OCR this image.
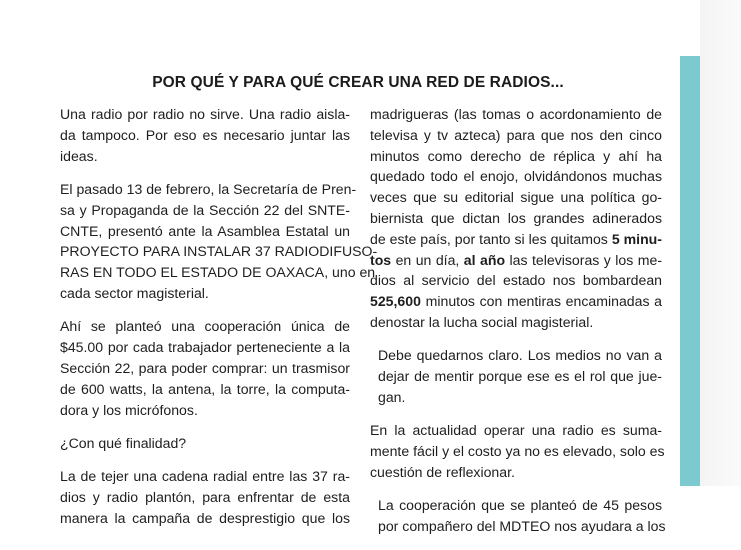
POR QUÉ Y PARA QUÉ CREAR UNA RED DE RADIOS...

Una radio por radio no sirve. Una radio aisla-
da tampoco. Por eso es necesario juntar las
ideas.

El pasado 13 de febrero, la Secretaría de Pren-
sa y Propaganda de la Sección 22 del SNTE-
CNTE, presentó ante la Asamblea Estatal un
PROYECTO PARA INSTALAR 37 RADIODIFUSO-
RAS EN TODO EL ESTADO DE OAXACA, uno en
cada sector magisterial.

Ahí se planteó una cooperación única de
$45.00 por cada trabajador perteneciente a la
Sección 22, para poder comprar: un trasmisor
de 600 watts, la antena, la torre, la computa-
dora y los micrófonos.

¿Con qué finalidad?

La de tejer una cadena radial entre las 37 ra-
dios y radio plantón, para enfrentar de esta
manera la campaña de desprestigio que los

madrigueras (las tomas o acordonamiento de
televisa y tv azteca) para que nos den cinco
minutos como derecho de réplica y ahí ha
quedado todo el enojo, olvidándonos muchas
veces que su editorial sigue una política go-
biernista que dictan los grandes adinerados
de este país, por tanto si les quitamos 5 minu-
tos en un día, al año las televisoras y los me-
dios al servicio del estado nos bombardean
525,600 minutos con mentiras encaminadas a
denostar la lucha social magisterial.

Debe quedarnos claro. Los medios no van a
dejar de mentir porque ese es el rol que jue-
gan.

En la actualidad operar una radio es suma-
mente fácil y el costo ya no es elevado, solo es
cuestión de reflexionar.

La cooperación que se planteó de 45 pesos
por compañero del MDTEO nos ayudara a los
